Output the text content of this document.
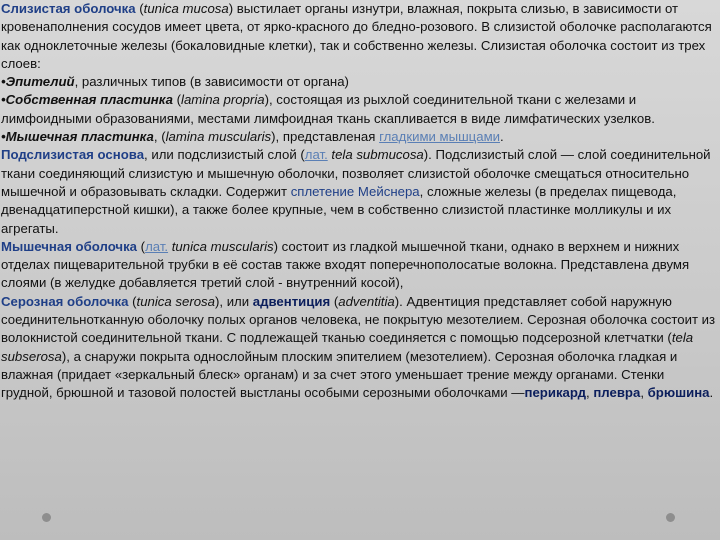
Слизистая оболочка (tunica mucosa) выстилает органы изнутри, влажная, покрыта слизью, в зависимости от кровенаполнения сосудов имеет цвета, от ярко-красного до бледно-розового. В слизистой оболочке располагаются как одноклеточные железы (бокаловидные клетки), так и собственно железы. Слизистая оболочка состоит из трех слоев:

•Эпителий, различных типов (в зависимости от органа)

•Собственная пластинка (lamina propria), состоящая из рыхлой соединительной ткани с железами и лимфоидными образованиями, местами лимфоидная ткань скапливается в виде лимфатических узелков.

•Мышечная пластинка, (lamina muscularis), представленая гладкими мышцами.

Подслизистая основа, или подслизистый слой (лат. tela submucosa). Подслизистый слой — слой соединительной ткани соединяющий слизистую и мышечную оболочки, позволяет слизистой оболочке смещаться относительно мышечной и образовывать складки. Содержит сплетение Мейснера, сложные железы (в пределах пищевода, двенадцатиперстной кишки), а также более крупные, чем в собственно слизистой пластинке молликулы и их агрегаты.

Мышечная оболочка (лат. tunica muscularis) состоит из гладкой мышечной ткани, однако в верхнем и нижних отделах пищеварительной трубки в её состав также входят поперечнополосатые волокна. Представлена двумя слоями (в желудке добавляется третий слой - внутренний косой),

Серозная оболочка (tunica serosa), или адвентиция (adventitia). Адвентиция представляет собой наружную соединительнотканную оболочку полых органов человека, не покрытую мезотелием. Серозная оболочка состоит из волокнистой соединительной ткани. С подлежащей тканью соединяется с помощью подсерозной клетчатки (tela subserosa), а снаружи покрыта однослойным плоским эпителием (мезотелием). Серозная оболочка гладкая и влажная (придает «зеркальный блеск» органам) и за счет этого уменьшает трение между органами. Стенки грудной, брюшной и тазовой полостей выстланы особыми серозными оболочками —перикард, плевра, брюшина.
